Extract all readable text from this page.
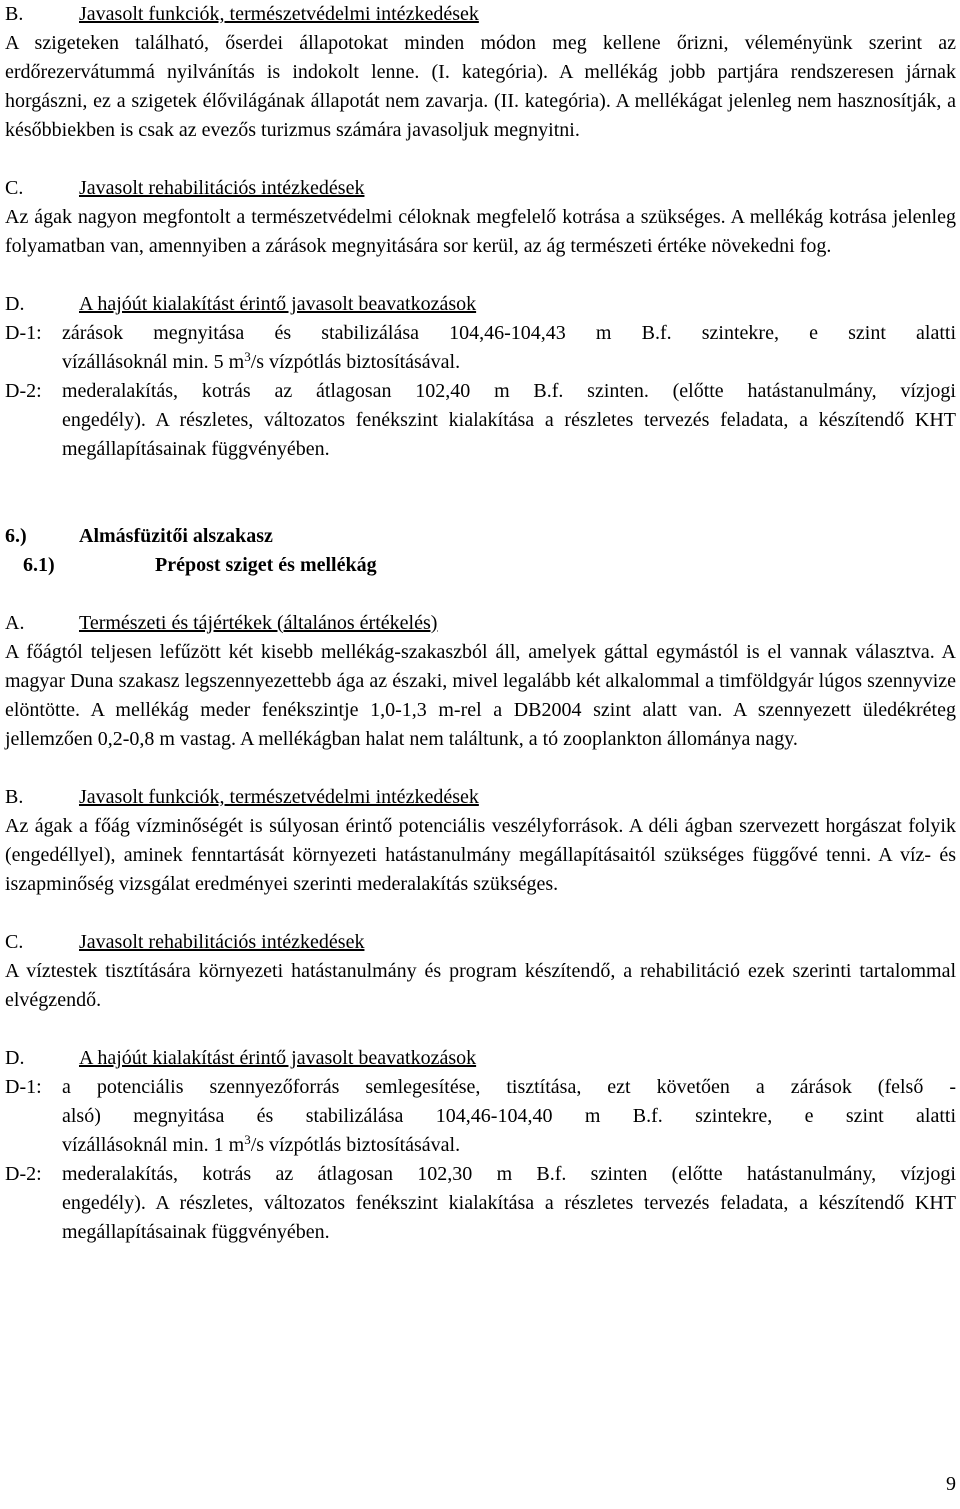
B.	Javasolt funkciók, természetvédelmi intézkedések

A szigeteken található, őserdei állapotokat minden módon meg kellene őrizni, véleményünk szerint az erdőrezervátummá nyilvánítás is indokolt lenne. (I. kategória). A mellékág jobb partjára rendszeresen járnak horgászni, ez a szigetek élővilágának állapotát nem zavarja. (II. kategória). A mellékágat jelenleg nem hasznosítják, a későbbiekben is csak az evezős turizmus számára javasoljuk megnyitni.

C.	Javasolt rehabilitációs intézkedések

Az ágak nagyon megfontolt a természetvédelmi céloknak megfelelő kotrása a szükséges. A mellékág kotrása jelenleg folyamatban van, amennyiben a zárások megnyitására sor kerül, az ág természeti értéke növekedni fog.

D.	A hajóút kialakítást érintő javasolt beavatkozások
D-1:	zárások megnyitása és stabilizálása 104,46-104,43 m B.f. szintekre, e szint alatti
vízállásoknál min. 5 $m^3/s$ vízpótlás biztosításával.
D-2:	mederalakítás, kotrás az átlagosan 102,40 m B.f. szinten. (előtte hatástanulmány, vízjogi
engedély). A részletes, változatos fenékszint kialakítása a részletes tervezés feladata, a készítendő KHT megállapításainak függvényében.
6.)	Almásfüzitői alszakasz
6.1)	Prépost sziget és mellékág
A.	Természeti és tájértékek (általános értékelés)

A főágtól teljesen lefűzött két kisebb mellékág-szakaszból áll, amelyek gáttal egymástól is el vannak választva. A magyar Duna szakasz legszennyezettebb ága az északi, mivel legalább két alkalommal a timföldgyár lúgos szennyvize elöntötte. A mellékág meder fenékszintje 1,0-1,3 m-rel a DB2004 szint alatt van. A szennyezett üledékréteg jellemzően 0,2-0,8 m vastag. A mellékágban halat nem találtunk, a tó zooplankton állománya nagy.

B.	Javasolt funkciók, természetvédelmi intézkedések

Az ágak a főág vízminőségét is súlyosan érintő potenciális veszélyforrások. A déli ágban szervezett horgászat folyik (engedéllyel), aminek fenntartását környezeti hatástanulmány megállapításaitól szükséges függővé tenni. A víz- és iszapminőség vizsgálat eredményei szerinti mederalakítás szükséges.

C.	Javasolt rehabilitációs intézkedések

A víztestek tisztítására környezeti hatástanulmány és program készítendő, a rehabilitáció ezek szerinti tartalommal elvégzendő.

D.	A hajóút kialakítást érintő javasolt beavatkozások
D-1:	a potenciális szennyezőforrás semlegesítése, tisztítása, ezt követően a zárások (felső -
alsó) megnyitása és stabilizálása 104,46-104,40 m B.f. szintekre, e szint alatti
vízállásoknál min. 1 $m^3/s$ vízpótlás biztosításával.
D-2:	mederalakítás, kotrás az átlagosan 102,30 m B.f. szinten (előtte hatástanulmány, vízjogi
engedély). A részletes, változatos fenékszint kialakítása a részletes tervezés feladata, a készítendő KHT megállapításainak függvényében.
9
